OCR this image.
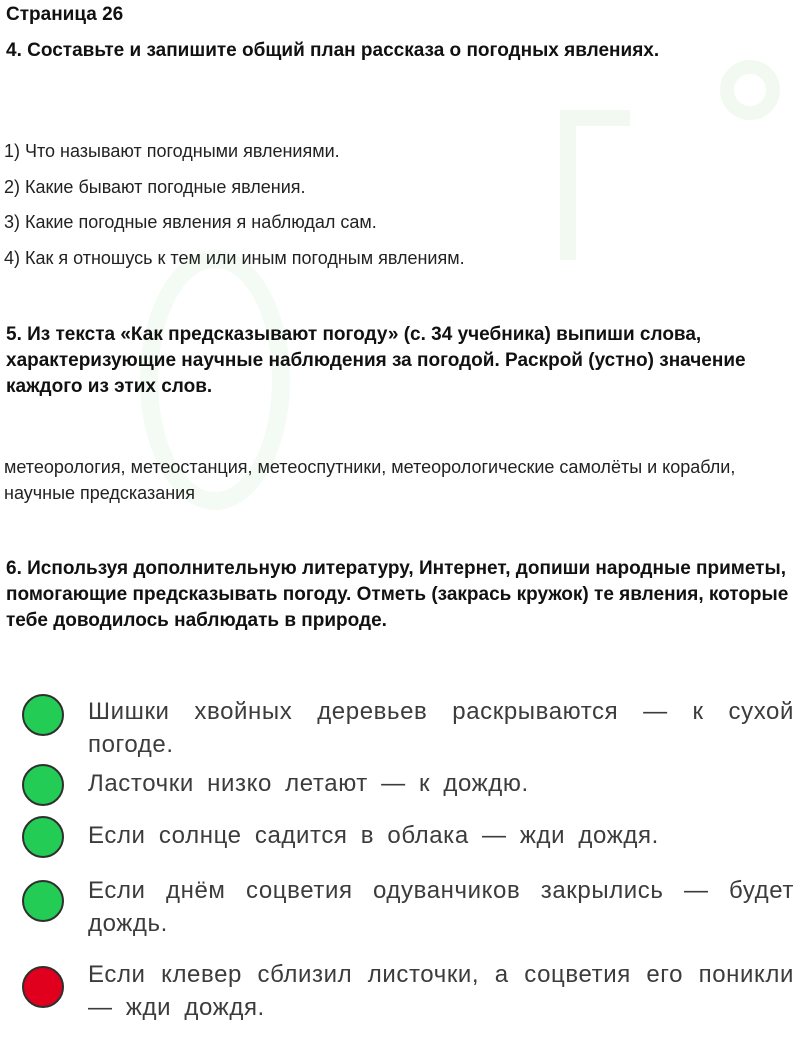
Страница 26
4. Составьте и запишите общий план рассказа о погодных явлениях.
1) Что называют погодными явлениями.
2) Какие бывают погодные явления.
3) Какие погодные явления я наблюдал сам.
4) Как я отношусь к тем или иным погодным явлениям.
5. Из текста «Как предсказывают погоду» (с. 34 учебника) выпиши слова, характеризующие научные наблюдения за погодой. Раскрой (устно) значение каждого из этих слов.
метеорология, метеостанция, метеоспутники, метеорологические самолёты и корабли, научные предсказания
6. Используя дополнительную литературу, Интернет, допиши народные приметы, помогающие предсказывать погоду. Отметь (закрась кружок) те явления, которые тебе доводилось наблюдать в природе.
Шишки хвойных деревьев раскрываются — к сухой погоде.
Ласточки низко летают — к дождю.
Если солнце садится в облака — жди дождя.
Если днём соцветия одуванчиков закрылись — будет дождь.
Если клевер сблизил листочки, а соцветия его поникли — жди дождя.
